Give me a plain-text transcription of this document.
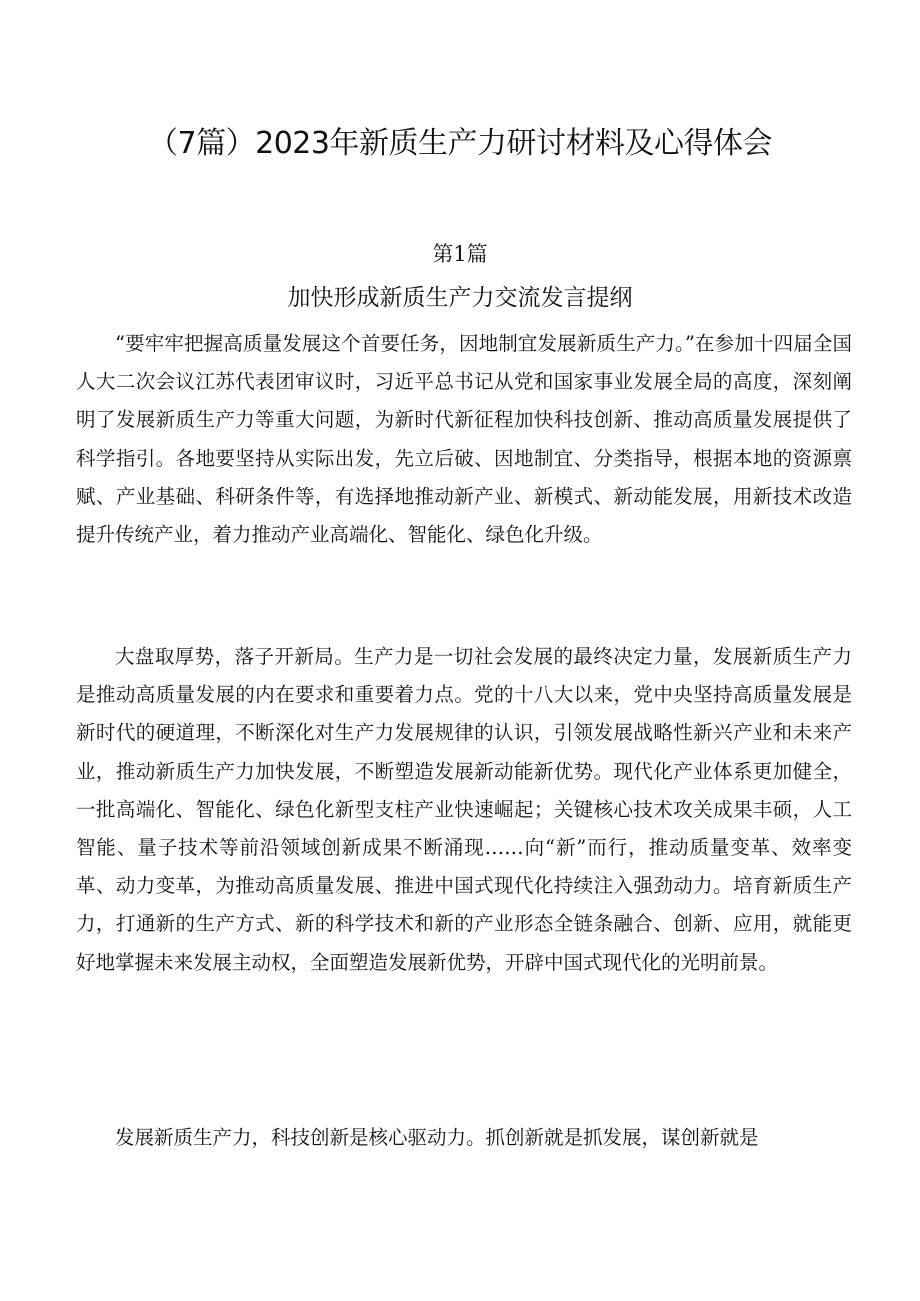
（7篇）2023年新质生产力研讨材料及心得体会
第1篇
加快形成新质生产力交流发言提纲

“要牢牢把握高质量发展这个首要任务，因地制宜发展新质生产力。”在参加十四届全国人大二次会议江苏代表团审议时，习近平总书记从党和国家事业发展全局的高度，深刻阐明了发展新质生产力等重大问题，为新时代新征程加快科技创新、推动高质量发展提供了科学指引。各地要坚持从实际出发，先立后破、因地制宜、分类指导，根据本地的资源禀赋、产业基础、科研条件等，有选择地推动新产业、新模式、新动能发展，用新技术改造提升传统产业，着力推动产业高端化、智能化、绿色化升级。

大盘取厚势，落子开新局。生产力是一切社会发展的最终决定力量，发展新质生产力是推动高质量发展的内在要求和重要着力点。党的十八大以来，党中央坚持高质量发展是新时代的硬道理，不断深化对生产力发展规律的认识，引领发展战略性新兴产业和未来产业，推动新质生产力加快发展，不断塑造发展新动能新优势。现代化产业体系更加健全，一批高端化、智能化、绿色化新型支柱产业快速崛起；关键核心技术攻关成果丰硕，人工智能、量子技术等前沿领域创新成果不断涌现……向“新”而行，推动质量变革、效率变革、动力变革，为推动高质量发展、推进中国式现代化持续注入强劲动力。培育新质生产力，打通新的生产方式、新的科学技术和新的产业形态全链条融合、创新、应用，就能更好地掌握未来发展主动权，全面塑造发展新优势，开辟中国式现代化的光明前景。

发展新质生产力，科技创新是核心驱动力。抓创新就是抓发展，谋创新就是
